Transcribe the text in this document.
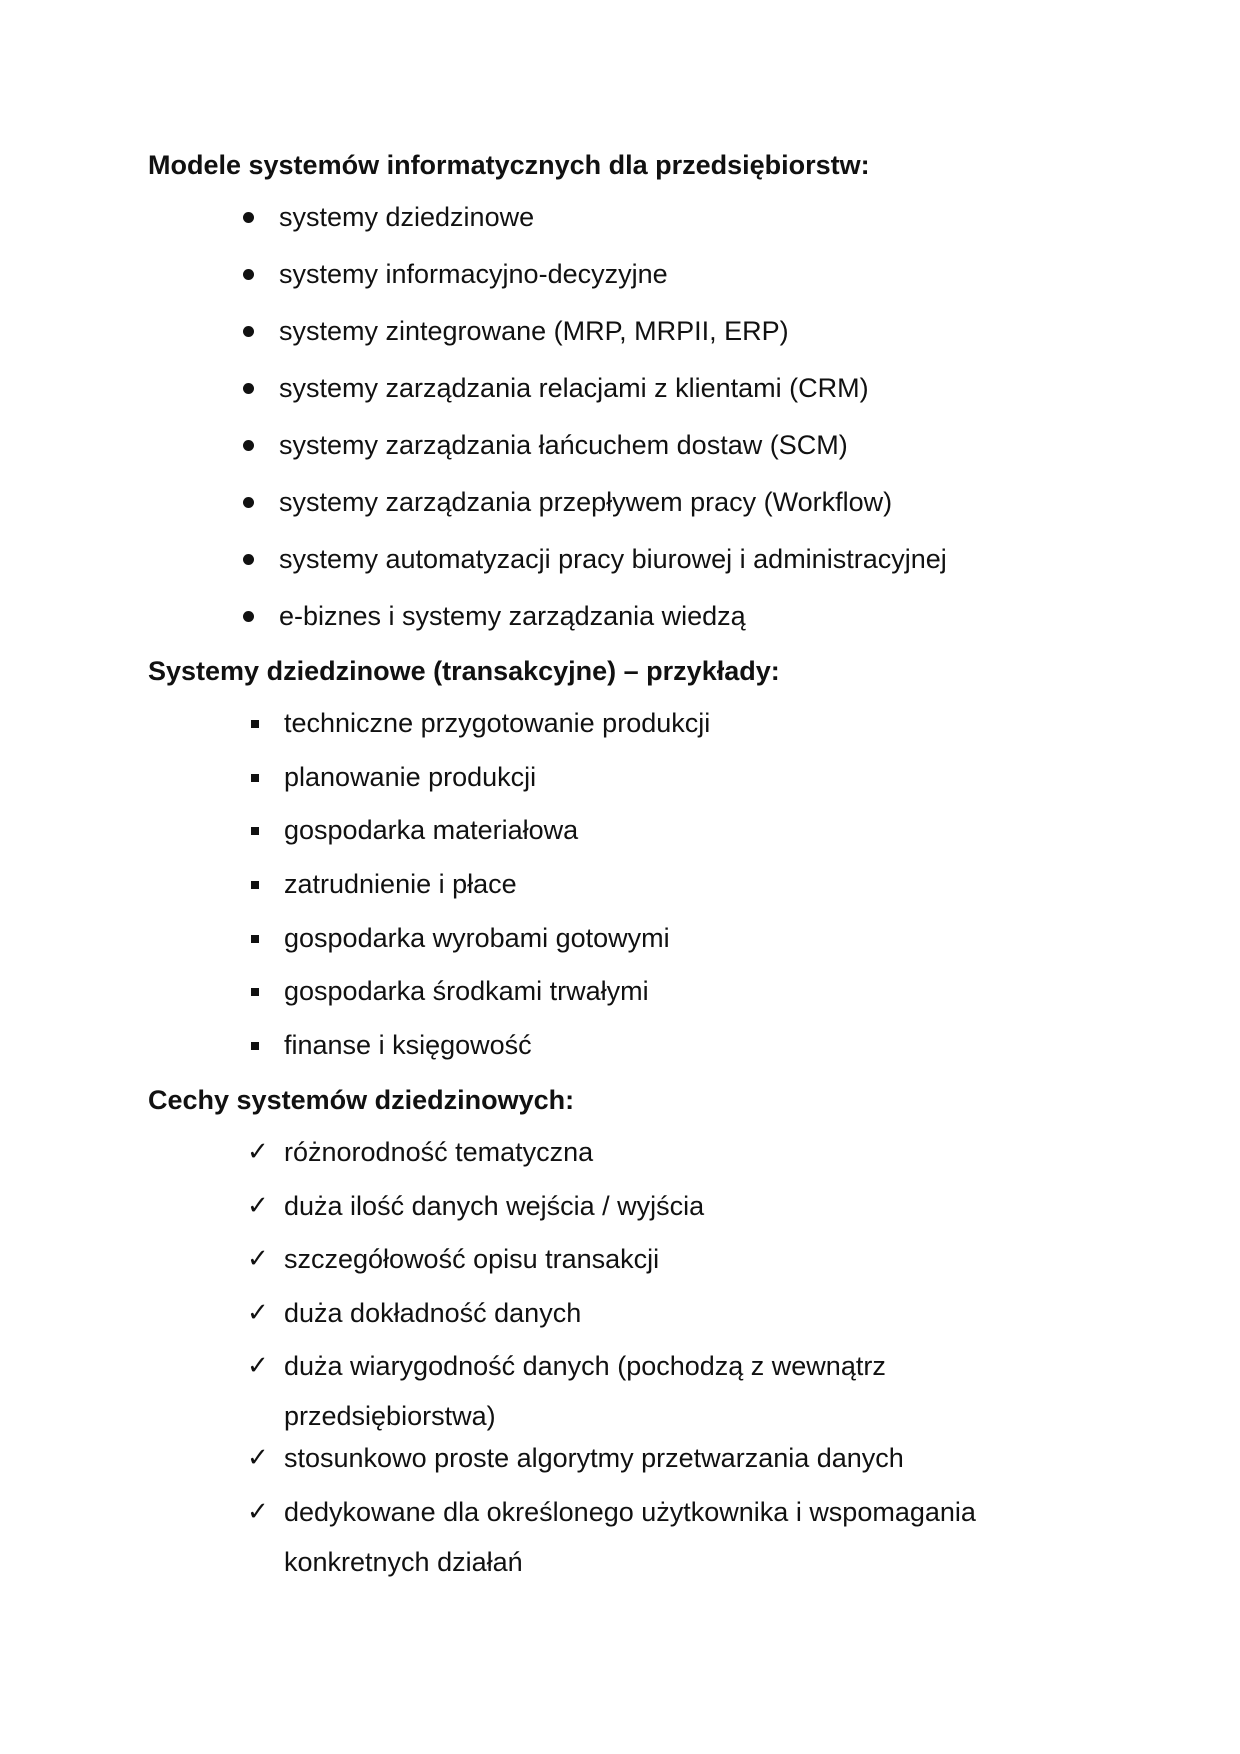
Modele systemów informatycznych dla przedsiębiorstw:
systemy dziedzinowe
systemy informacyjno-decyzyjne
systemy zintegrowane (MRP, MRPII, ERP)
systemy zarządzania relacjami z klientami (CRM)
systemy zarządzania łańcuchem dostaw (SCM)
systemy zarządzania przepływem pracy (Workflow)
systemy automatyzacji pracy biurowej i administracyjnej
e-biznes i systemy zarządzania wiedzą
Systemy dziedzinowe (transakcyjne) – przykłady:
techniczne przygotowanie produkcji
planowanie produkcji
gospodarka materiałowa
zatrudnienie i płace
gospodarka wyrobami gotowymi
gospodarka środkami trwałymi
finanse i księgowość
Cechy systemów dziedzinowych:
✓ różnorodność tematyczna
✓ duża ilość danych wejścia / wyjścia
✓ szczegółowość opisu transakcji
✓ duża dokładność danych
✓ duża wiarygodność danych (pochodzą z wewnątrz
przedsiębiorstwa)
✓ stosunkowo proste algorytmy przetwarzania danych
✓ dedykowane dla określonego użytkownika i wspomagania
konkretnych działań
